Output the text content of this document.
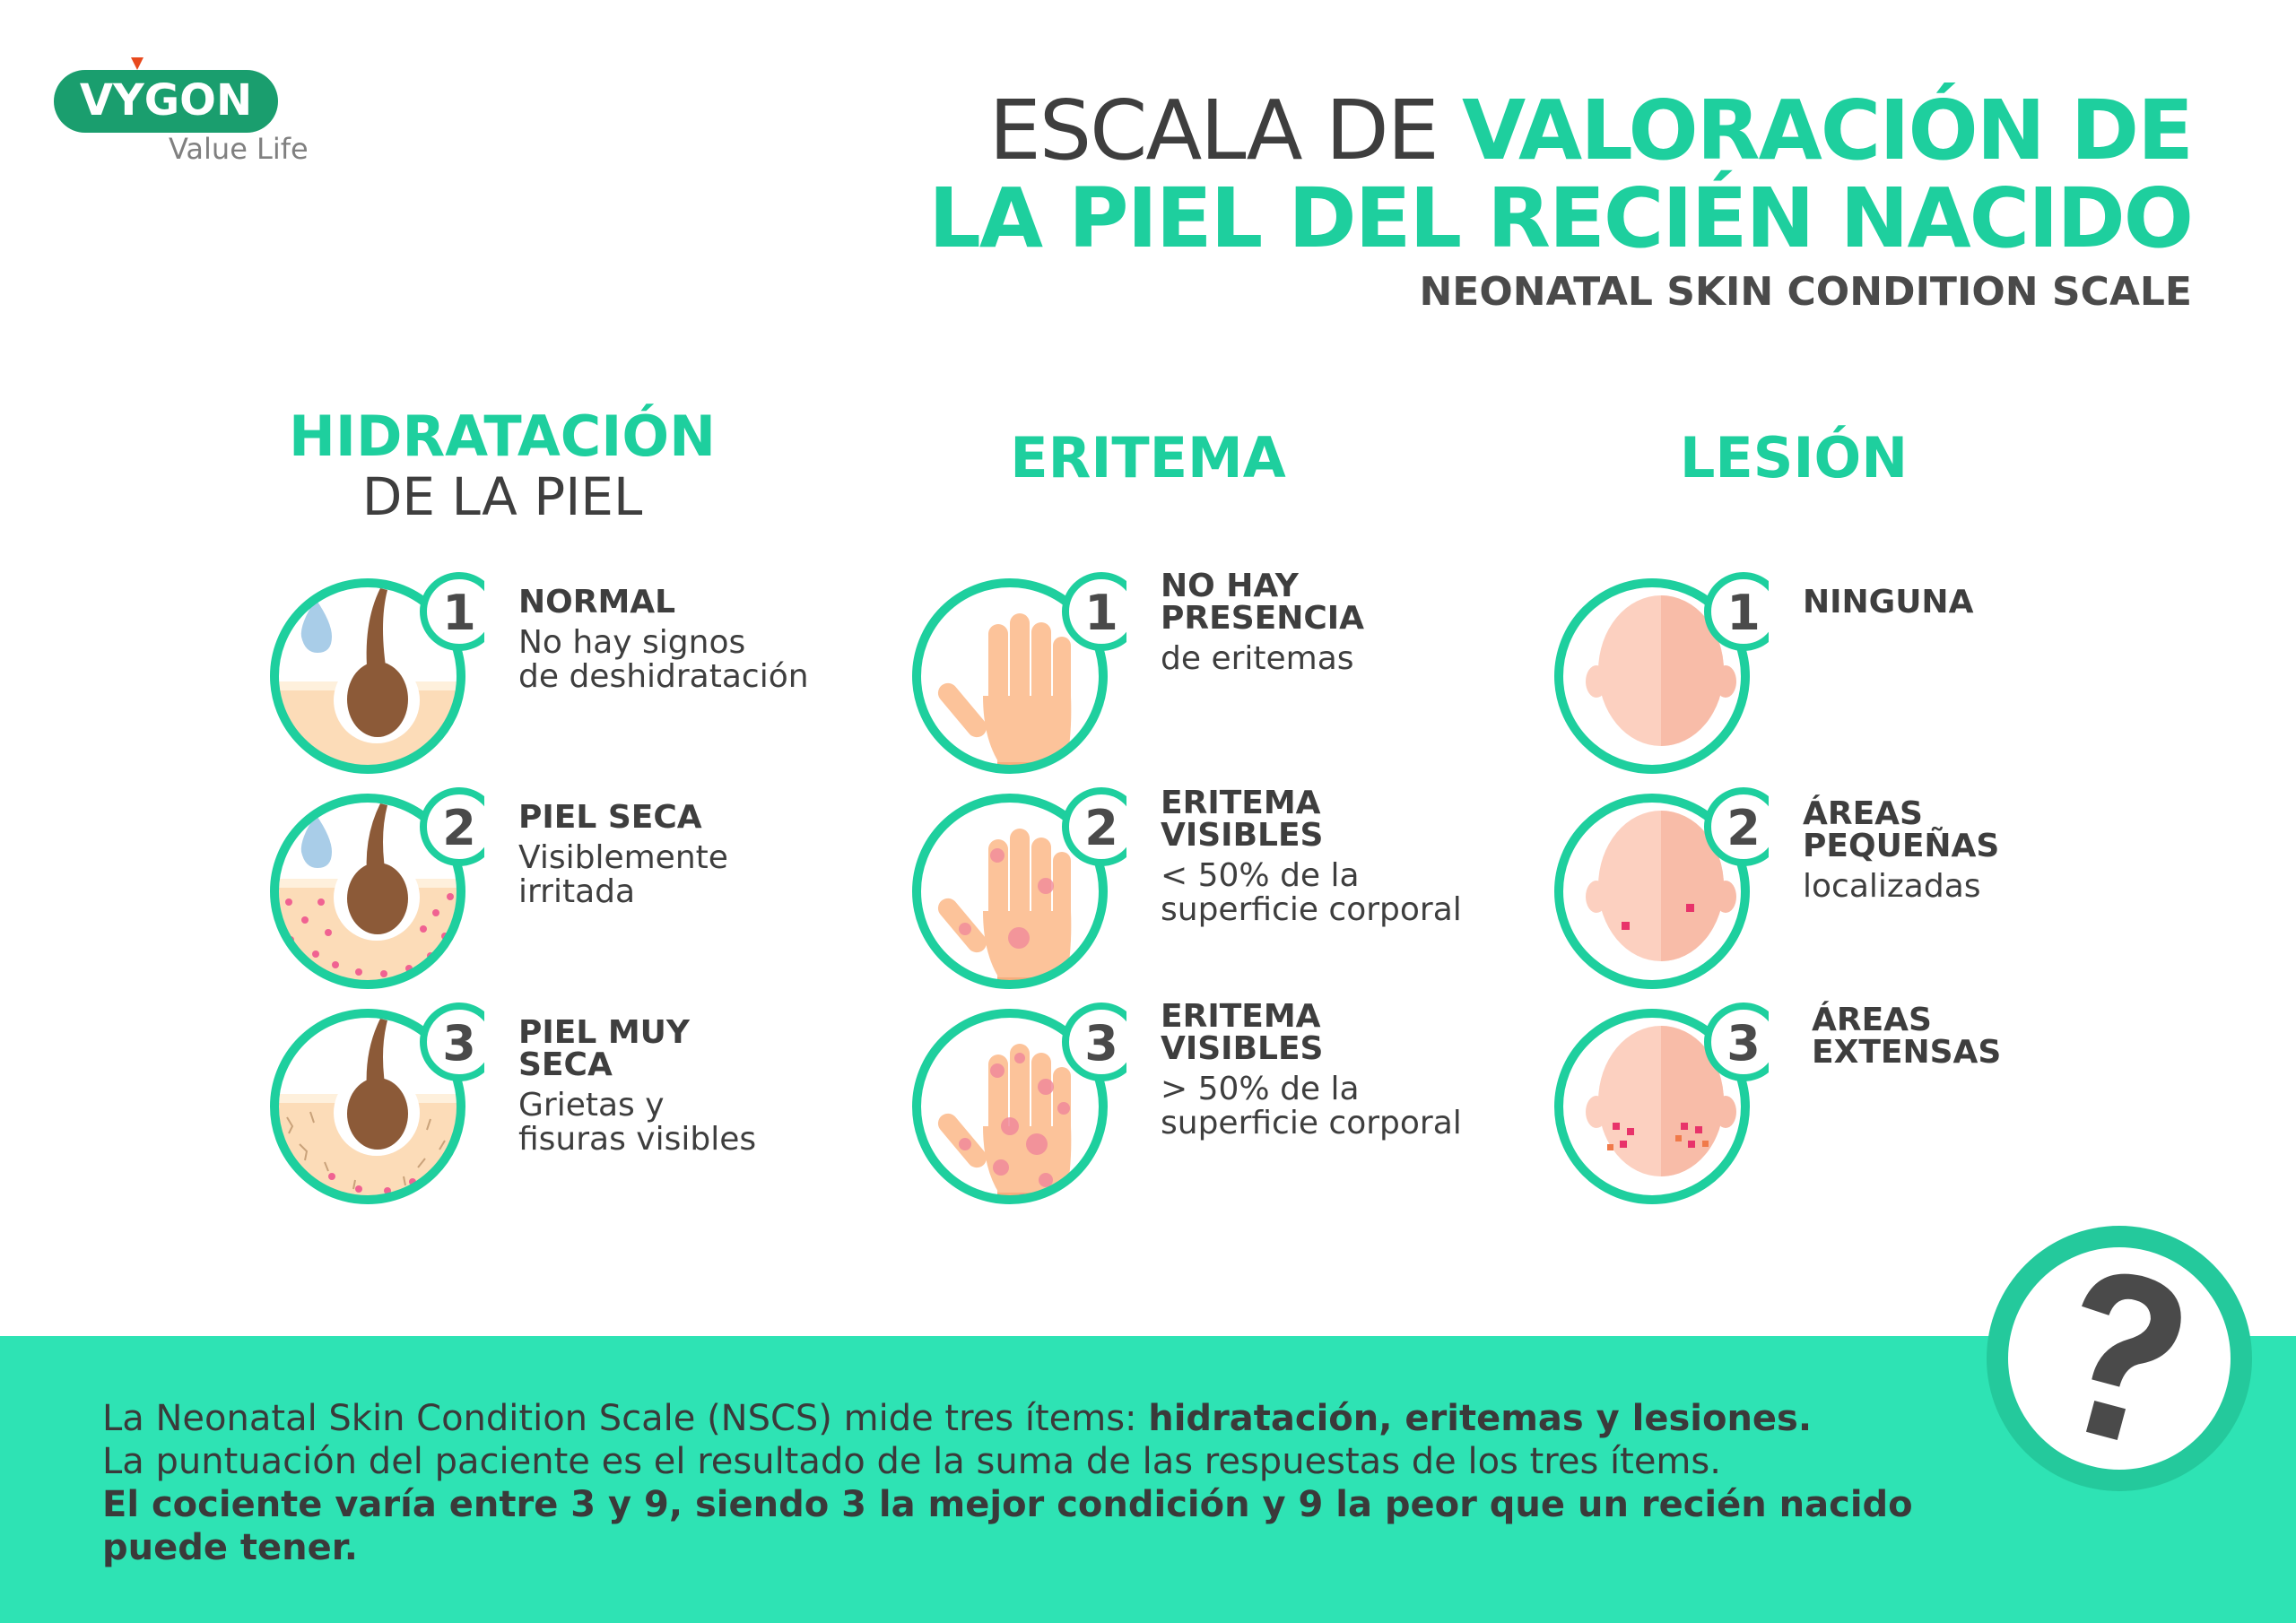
VYGON
Value Life	ESCALA DE VALORACIÓN DE
LA PIEL DEL RECIÉN NACIDO
NEONATAL SKIN CONDITION SCALE
HIDRATACIÓN
DE LA PIEL
ERITEMA	LESIÓN
1 NORMAL
No hay signos
de deshidratación
2 PIEL SECA
Visiblemente
irritada
3 PIEL MUY SECA
Grietas y
fisuras visibles
1 NO HAY PRESENCIA
de eritemas
2 ERITEMA VISIBLES
< 50% de la
superficie corporal
3 ERITEMA VISIBLES
> 50% de la
superficie corporal
1 NINGUNA
2 ÁREAS PEQUEÑAS
localizadas
3 ÁREAS EXTENSAS
La Neonatal Skin Condition Scale (NSCS) mide tres ítems: hidratación, eritemas y lesiones.
La puntuación del paciente es el resultado de la suma de las respuestas de los tres ítems.
El cociente varía entre 3 y 9, siendo 3 la mejor condición y 9 la peor que un recién nacido puede tener.
